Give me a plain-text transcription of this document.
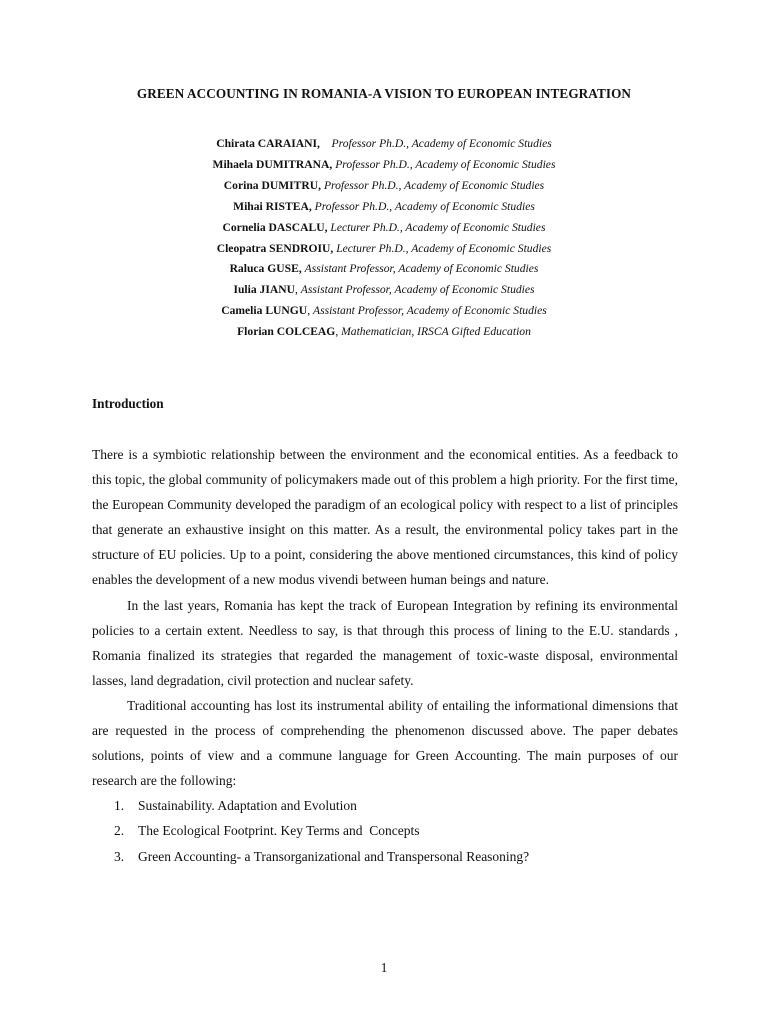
GREEN ACCOUNTING IN ROMANIA-A VISION TO EUROPEAN INTEGRATION
Chirata CARAIANI,    Professor Ph.D., Academy of Economic Studies
Mihaela DUMITRANA, Professor Ph.D., Academy of Economic Studies
Corina DUMITRU, Professor Ph.D., Academy of Economic Studies
Mihai RISTEA, Professor Ph.D., Academy of Economic Studies
Cornelia DASCALU, Lecturer Ph.D., Academy of Economic Studies
Cleopatra SENDROIU, Lecturer Ph.D., Academy of Economic Studies
Raluca GUSE, Assistant Professor, Academy of Economic Studies
Iulia JIANU, Assistant Professor, Academy of Economic Studies
Camelia LUNGU, Assistant Professor, Academy of Economic Studies
Florian COLCEAG, Mathematician, IRSCA Gifted Education
Introduction

There is a symbiotic relationship between the environment and the economical entities. As a feedback to this topic, the global community of policymakers made out of this problem a high priority. For the first time, the European Community developed the paradigm of an ecological policy with respect to a list of principles that generate an exhaustive insight on this matter. As a result, the environmental policy takes part in the structure of EU policies. Up to a point, considering the above mentioned circumstances, this kind of policy enables the development of a new modus vivendi between human beings and nature.

In the last years, Romania has kept the track of European Integration by refining its environmental policies to a certain extent. Needless to say, is that through this process of lining to the E.U. standards , Romania finalized its strategies that regarded the management of toxic-waste disposal, environmental lasses, land degradation, civil protection and nuclear safety.

Traditional accounting has lost its instrumental ability of entailing the informational dimensions that are requested in the process of comprehending the phenomenon discussed above. The paper debates solutions, points of view and a commune language for Green Accounting. The main purposes of our research are the following:

1. Sustainability. Adaptation and Evolution
2. The Ecological Footprint. Key Terms and  Concepts
3. Green Accounting- a Transorganizational and Transpersonal Reasoning?
1
